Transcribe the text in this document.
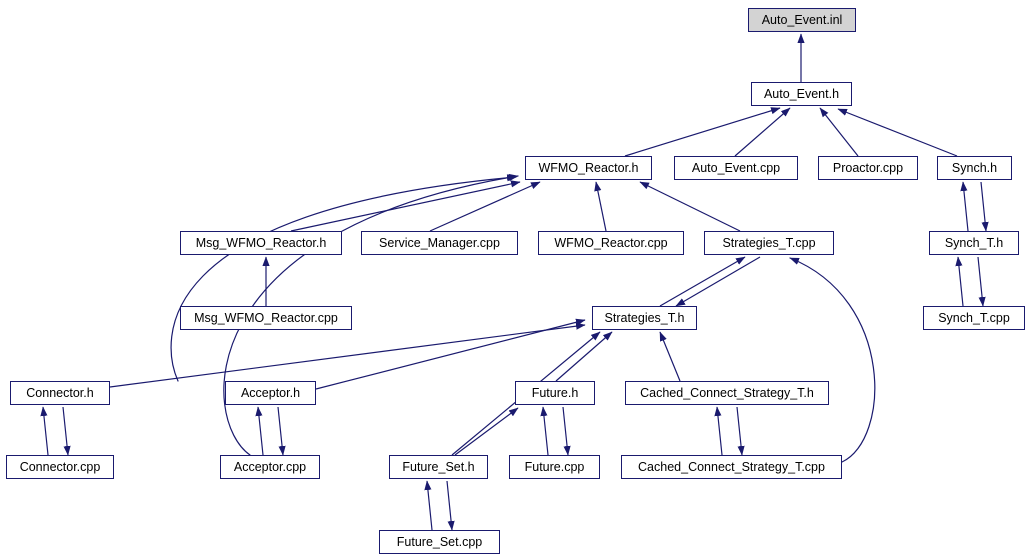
Auto_Event.inl
Auto_Event.h
WFMO_Reactor.h	Auto_Event.cpp	Proactor.cpp	Synch.h
Msg_WFMO_Reactor.h	Service_Manager.cpp	WFMO_Reactor.cpp	Strategies_T.cpp	Synch_T.h
Msg_WFMO_Reactor.cpp	Strategies_T.h	Synch_T.cpp
Connector.h	Acceptor.h	Future.h	Cached_Connect_Strategy_T.h
Connector.cpp	Acceptor.cpp	Future_Set.h	Future.cpp	Cached_Connect_Strategy_T.cpp
Future_Set.cpp
